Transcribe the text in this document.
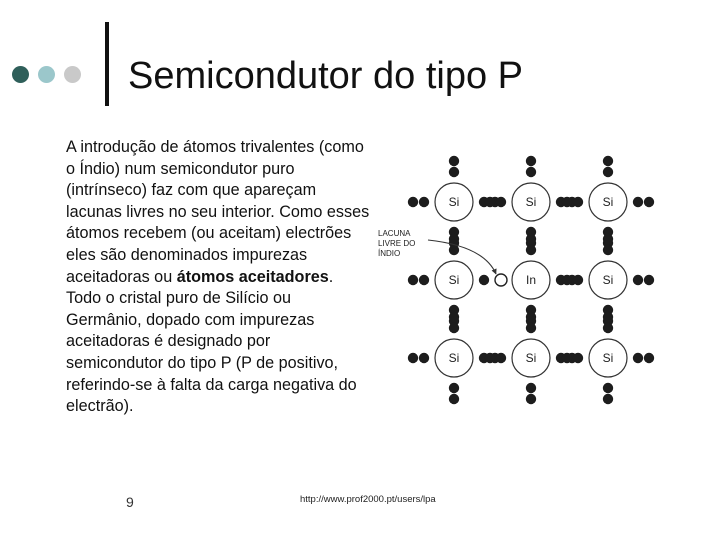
Semicondutor do tipo P
A introdução de átomos trivalentes (como o Índio) num semicondutor puro (intrínseco) faz com que apareçam lacunas livres no seu interior. Como esses átomos recebem (ou aceitam) electrões eles são denominados impurezas aceitadoras ou átomos aceitadores. Todo o cristal puro de Silício ou Germânio, dopado com impurezas aceitadoras é designado por semicondutor do tipo P (P de positivo, referindo-se à falta da carga negativa do electrão).
Si	Si	Si
Si	In	Si
Si	Si	Si
LACUNA
LIVRE DO
ÍNDIO
9	http://www.prof2000.pt/users/lpa
